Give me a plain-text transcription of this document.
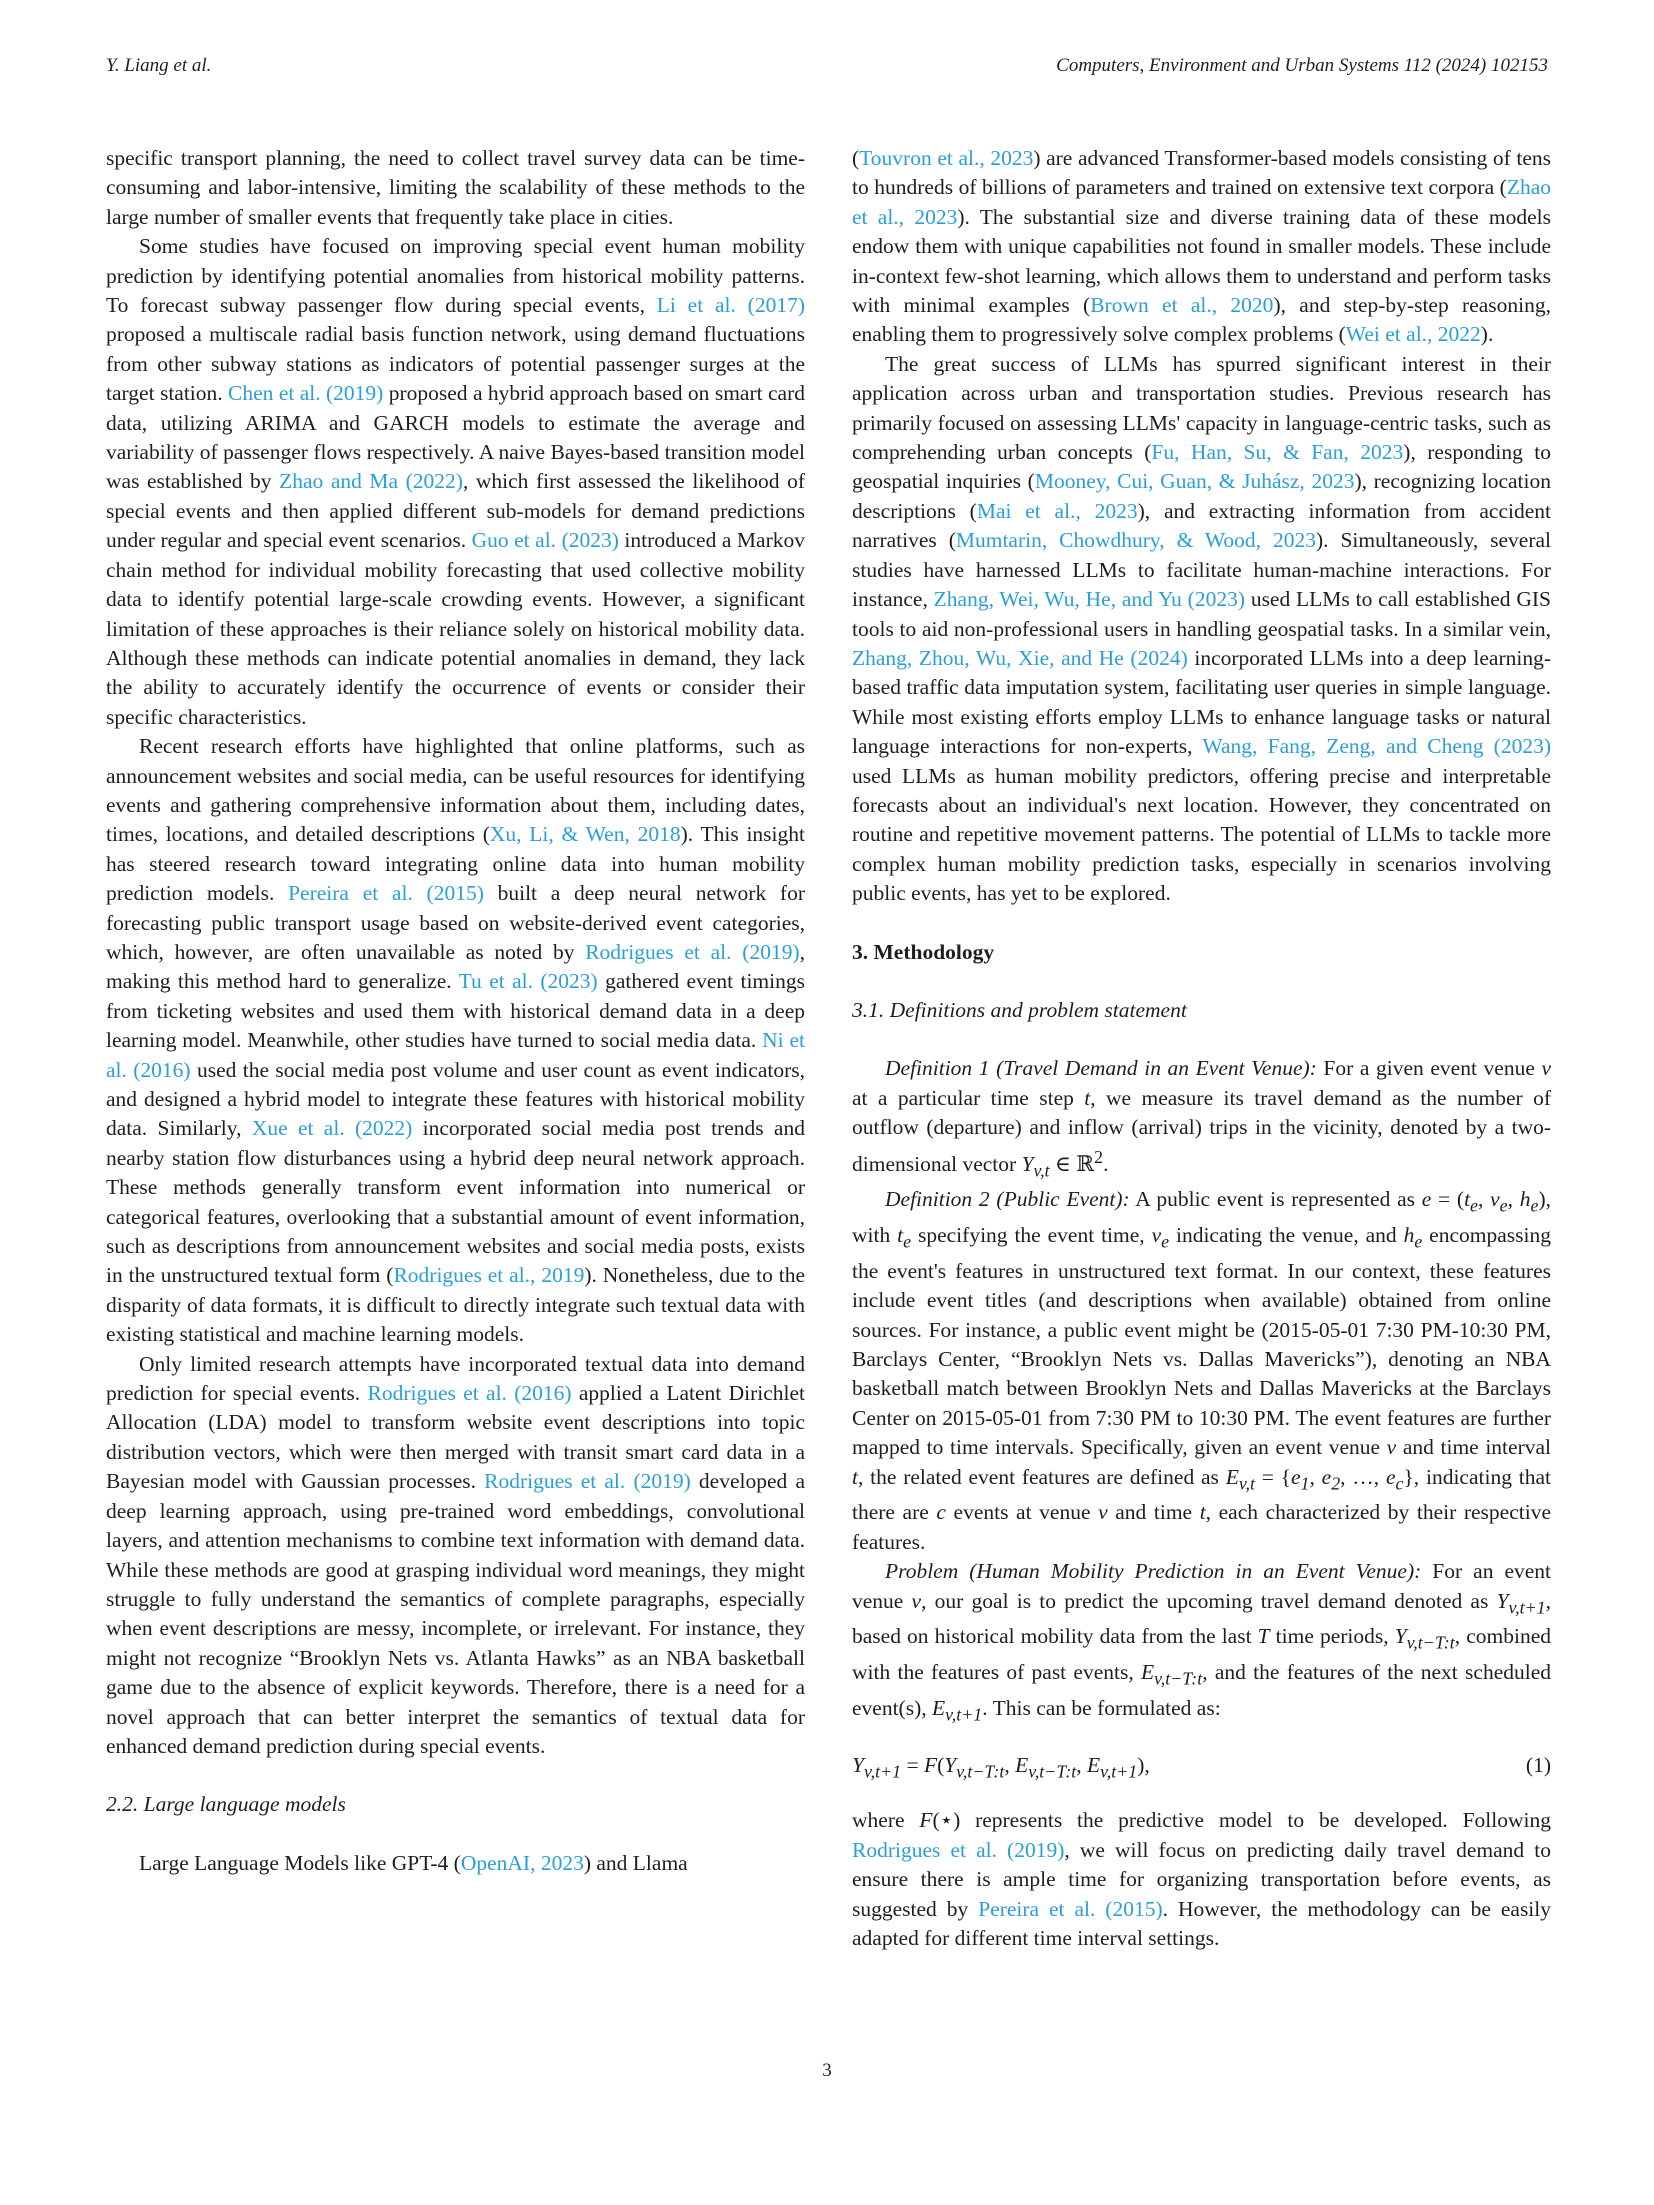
Y. Liang et al.	Computers, Environment and Urban Systems 112 (2024) 102153

specific transport planning, the need to collect travel survey data can be time-consuming and labor-intensive, limiting the scalability of these methods to the large number of smaller events that frequently take place in cities.

Some studies have focused on improving special event human mobility prediction by identifying potential anomalies from historical mobility patterns. To forecast subway passenger flow during special events, Li et al. (2017) proposed a multiscale radial basis function network, using demand fluctuations from other subway stations as indicators of potential passenger surges at the target station. Chen et al. (2019) proposed a hybrid approach based on smart card data, utilizing ARIMA and GARCH models to estimate the average and variability of passenger flows respectively. A naive Bayes-based transition model was established by Zhao and Ma (2022), which first assessed the likelihood of special events and then applied different sub-models for demand predictions under regular and special event scenarios. Guo et al. (2023) introduced a Markov chain method for individual mobility forecasting that used collective mobility data to identify potential large-scale crowding events. However, a significant limitation of these approaches is their reliance solely on historical mobility data. Although these methods can indicate potential anomalies in demand, they lack the ability to accurately identify the occurrence of events or consider their specific characteristics.

Recent research efforts have highlighted that online platforms, such as announcement websites and social media, can be useful resources for identifying events and gathering comprehensive information about them, including dates, times, locations, and detailed descriptions (Xu, Li, & Wen, 2018). This insight has steered research toward integrating online data into human mobility prediction models. Pereira et al. (2015) built a deep neural network for forecasting public transport usage based on website-derived event categories, which, however, are often unavailable as noted by Rodrigues et al. (2019), making this method hard to generalize. Tu et al. (2023) gathered event timings from ticketing websites and used them with historical demand data in a deep learning model. Meanwhile, other studies have turned to social media data. Ni et al. (2016) used the social media post volume and user count as event indicators, and designed a hybrid model to integrate these features with historical mobility data. Similarly, Xue et al. (2022) incorporated social media post trends and nearby station flow disturbances using a hybrid deep neural network approach. These methods generally transform event information into numerical or categorical features, overlooking that a substantial amount of event information, such as descriptions from announcement websites and social media posts, exists in the unstructured textual form (Rodrigues et al., 2019). Nonetheless, due to the disparity of data formats, it is difficult to directly integrate such textual data with existing statistical and machine learning models.

Only limited research attempts have incorporated textual data into demand prediction for special events. Rodrigues et al. (2016) applied a Latent Dirichlet Allocation (LDA) model to transform website event descriptions into topic distribution vectors, which were then merged with transit smart card data in a Bayesian model with Gaussian processes. Rodrigues et al. (2019) developed a deep learning approach, using pre-trained word embeddings, convolutional layers, and attention mechanisms to combine text information with demand data. While these methods are good at grasping individual word meanings, they might struggle to fully understand the semantics of complete paragraphs, especially when event descriptions are messy, incomplete, or irrelevant. For instance, they might not recognize “Brooklyn Nets vs. Atlanta Hawks” as an NBA basketball game due to the absence of explicit keywords. Therefore, there is a need for a novel approach that can better interpret the semantics of textual data for enhanced demand prediction during special events.

2.2. Large language models

Large Language Models like GPT-4 (OpenAI, 2023) and Llama

(Touvron et al., 2023) are advanced Transformer-based models consisting of tens to hundreds of billions of parameters and trained on extensive text corpora (Zhao et al., 2023). The substantial size and diverse training data of these models endow them with unique capabilities not found in smaller models. These include in-context few-shot learning, which allows them to understand and perform tasks with minimal examples (Brown et al., 2020), and step-by-step reasoning, enabling them to progressively solve complex problems (Wei et al., 2022).

The great success of LLMs has spurred significant interest in their application across urban and transportation studies. Previous research has primarily focused on assessing LLMs' capacity in language-centric tasks, such as comprehending urban concepts (Fu, Han, Su, & Fan, 2023), responding to geospatial inquiries (Mooney, Cui, Guan, & Juhász, 2023), recognizing location descriptions (Mai et al., 2023), and extracting information from accident narratives (Mumtarin, Chowdhury, & Wood, 2023). Simultaneously, several studies have harnessed LLMs to facilitate human-machine interactions. For instance, Zhang, Wei, Wu, He, and Yu (2023) used LLMs to call established GIS tools to aid non-professional users in handling geospatial tasks. In a similar vein, Zhang, Zhou, Wu, Xie, and He (2024) incorporated LLMs into a deep learning-based traffic data imputation system, facilitating user queries in simple language. While most existing efforts employ LLMs to enhance language tasks or natural language interactions for non-experts, Wang, Fang, Zeng, and Cheng (2023) used LLMs as human mobility predictors, offering precise and interpretable forecasts about an individual's next location. However, they concentrated on routine and repetitive movement patterns. The potential of LLMs to tackle more complex human mobility prediction tasks, especially in scenarios involving public events, has yet to be explored.

3. Methodology
3.1. Definitions and problem statement

Definition 1 (Travel Demand in an Event Venue): For a given event venue v at a particular time step t, we measure its travel demand as the number of outflow (departure) and inflow (arrival) trips in the vicinity, denoted by a two-dimensional vector $Y_{v,t}$ ∈ ℝ$^2$.

Definition 2 (Public Event): A public event is represented as $e = (t_e$, $v_e$, $h_e$), with $t_e$ specifying the event time, $v_e$ indicating the venue, and $h_e$ encompassing the event's features in unstructured text format. In our context, these features include event titles (and descriptions when available) obtained from online sources. For instance, a public event might be (2015-05-01 7:30 PM-10:30 PM, Barclays Center, “Brooklyn Nets vs. Dallas Mavericks”), denoting an NBA basketball match between Brooklyn Nets and Dallas Mavericks at the Barclays Center on 2015-05-01 from 7:30 PM to 10:30 PM. The event features are further mapped to time intervals. Specifically, given an event venue v and time interval t, the related event features are defined as $E_{v,t} = \{e_1$, $e_2$, …, $e_c$}, indicating that there are c events at venue v and time t, each characterized by their respective features.

Problem (Human Mobility Prediction in an Event Venue): For an event venue v, our goal is to predict the upcoming travel demand denoted as $Y_{v,t+1}$, based on historical mobility data from the last T time periods, $Y_{v,t-T:t}$, combined with the features of past events, $E_{v,t-T:t}$, and the features of the next scheduled event(s), $E_{v,t+1}$. This can be formulated as:

$Y_{v,t+1} = F(Y_{v,t-T:t}$, $E_{v,t-T:t}$, $E_{v,t+1}$),	(1)

where F(⋆) represents the predictive model to be developed. Following Rodrigues et al. (2019), we will focus on predicting daily travel demand to ensure there is ample time for organizing transportation before events, as suggested by Pereira et al. (2015). However, the methodology can be easily adapted for different time interval settings.

3
